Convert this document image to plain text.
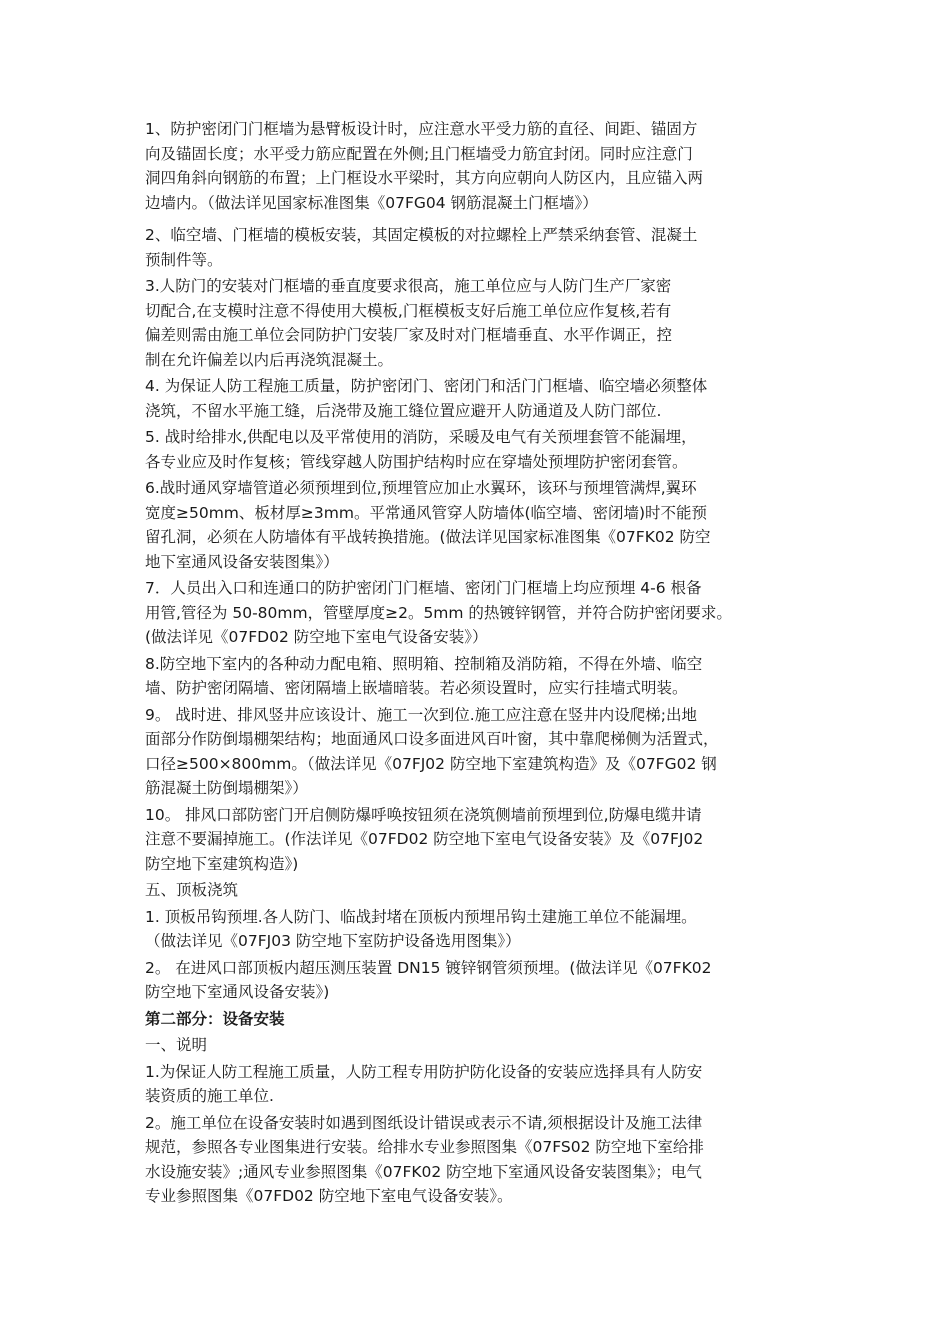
1、防护密闭门门框墙为悬臂板设计时，应注意水平受力筋的直径、间距、锚固方
向及锚固长度；水平受力筋应配置在外侧;且门框墙受力筋宜封闭。同时应注意门
洞四角斜向钢筋的布置；上门框设水平梁时，其方向应朝向人防区内，且应锚入两
边墙内。（做法详见国家标准图集《07FG04 钢筋混凝土门框墙》）

2、临空墙、门框墙的模板安装，其固定模板的对拉螺栓上严禁采纳套管、混凝土
预制件等。

3.人防门的安装对门框墙的垂直度要求很高，施工单位应与人防门生产厂家密
切配合,在支模时注意不得使用大模板,门框模板支好后施工单位应作复核,若有
偏差则需由施工单位会同防护门安装厂家及时对门框墙垂直、水平作调正，控
制在允许偏差以内后再浇筑混凝土。

4. 为保证人防工程施工质量，防护密闭门、密闭门和活门门框墙、临空墙必须整体
浇筑，不留水平施工缝，后浇带及施工缝位置应避开人防通道及人防门部位.

5. 战时给排水,供配电以及平常使用的消防，采暖及电气有关预埋套管不能漏埋，
各专业应及时作复核；管线穿越人防围护结构时应在穿墙处预埋防护密闭套管。

6.战时通风穿墙管道必须预埋到位,预埋管应加止水翼环，该环与预埋管满焊,翼环
宽度≥50mm、板材厚≥3mm。平常通风管穿人防墙体(临空墙、密闭墙)时不能预
留孔洞，必须在人防墙体有平战转换措施。(做法详见国家标准图集《07FK02 防空
地下室通风设备安装图集》）

7．人员出入口和连通口的防护密闭门门框墙、密闭门门框墙上均应预埋 4-6 根备
用管,管径为 50-80mm，管壁厚度≥2。5mm 的热镀锌钢管，并符合防护密闭要求。
(做法详见《07FD02 防空地下室电气设备安装》）

8.防空地下室内的各种动力配电箱、照明箱、控制箱及消防箱，不得在外墙、临空
墙、防护密闭隔墙、密闭隔墙上嵌墙暗装。若必须设置时，应实行挂墙式明装。

9。 战时进、排风竖井应该设计、施工一次到位.施工应注意在竖井内设爬梯;出地
面部分作防倒塌棚架结构；地面通风口设多面进风百叶窗，其中靠爬梯侧为活置式，
口径≥500×800mm。（做法详见《07FJ02 防空地下室建筑构造》及《07FG02 钢
筋混凝土防倒塌棚架》）

10。 排风口部防密门开启侧防爆呼唤按钮须在浇筑侧墙前预埋到位,防爆电缆井请
注意不要漏掉施工。(作法详见《07FD02 防空地下室电气设备安装》及《07FJ02
防空地下室建筑构造》)

五、顶板浇筑

1. 顶板吊钩预埋.各人防门、临战封堵在顶板内预埋吊钩土建施工单位不能漏埋。
（做法详见《07FJ03 防空地下室防护设备选用图集》）

2。 在进风口部顶板内超压测压装置 DN15 镀锌钢管须预埋。(做法详见《07FK02
防空地下室通风设备安装》)

第二部分：设备安装

一、说明

1.为保证人防工程施工质量，人防工程专用防护防化设备的安装应选择具有人防安
装资质的施工单位.

2。施工单位在设备安装时如遇到图纸设计错误或表示不请,须根据设计及施工法律
规范，参照各专业图集进行安装。给排水专业参照图集《07FS02 防空地下室给排
水设施安装》;通风专业参照图集《07FK02 防空地下室通风设备安装图集》；电气
专业参照图集《07FD02 防空地下室电气设备安装》。
